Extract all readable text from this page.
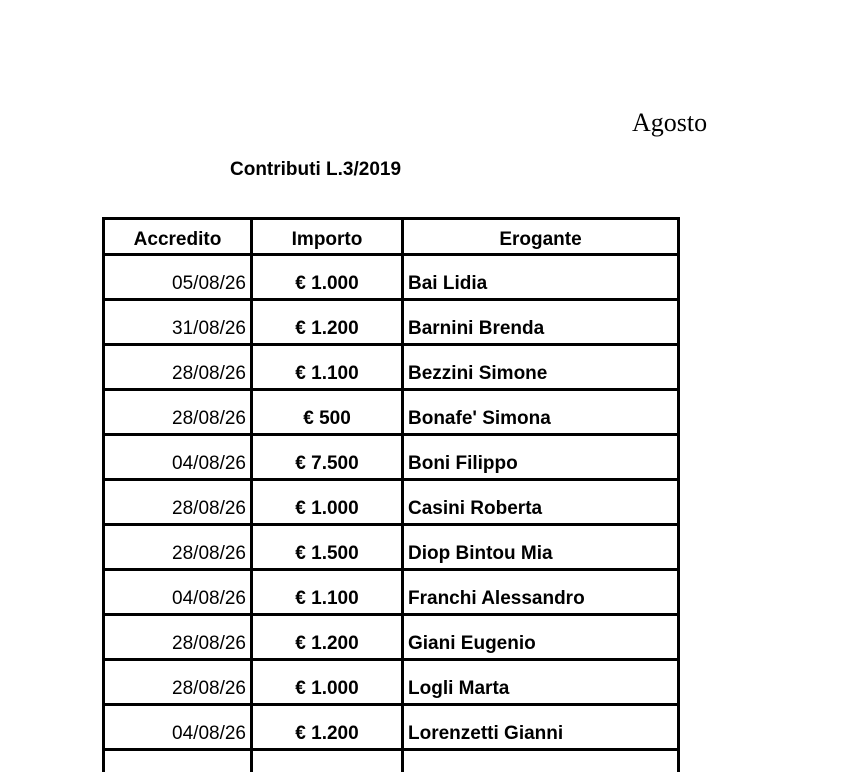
Agosto
Contributi L.3/2019
Accredito	Importo	Erogante
05/08/26	€ 1.000	Bai Lidia
31/08/26	€ 1.200	Barnini Brenda
28/08/26	€ 1.100	Bezzini Simone
28/08/26	€ 500	Bonafe' Simona
04/08/26	€ 7.500	Boni Filippo
28/08/26	€ 1.000	Casini Roberta
28/08/26	€ 1.500	Diop Bintou Mia
04/08/26	€ 1.100	Franchi Alessandro
28/08/26	€ 1.200	Giani Eugenio
28/08/26	€ 1.000	Logli Marta
04/08/26	€ 1.200	Lorenzetti Gianni
